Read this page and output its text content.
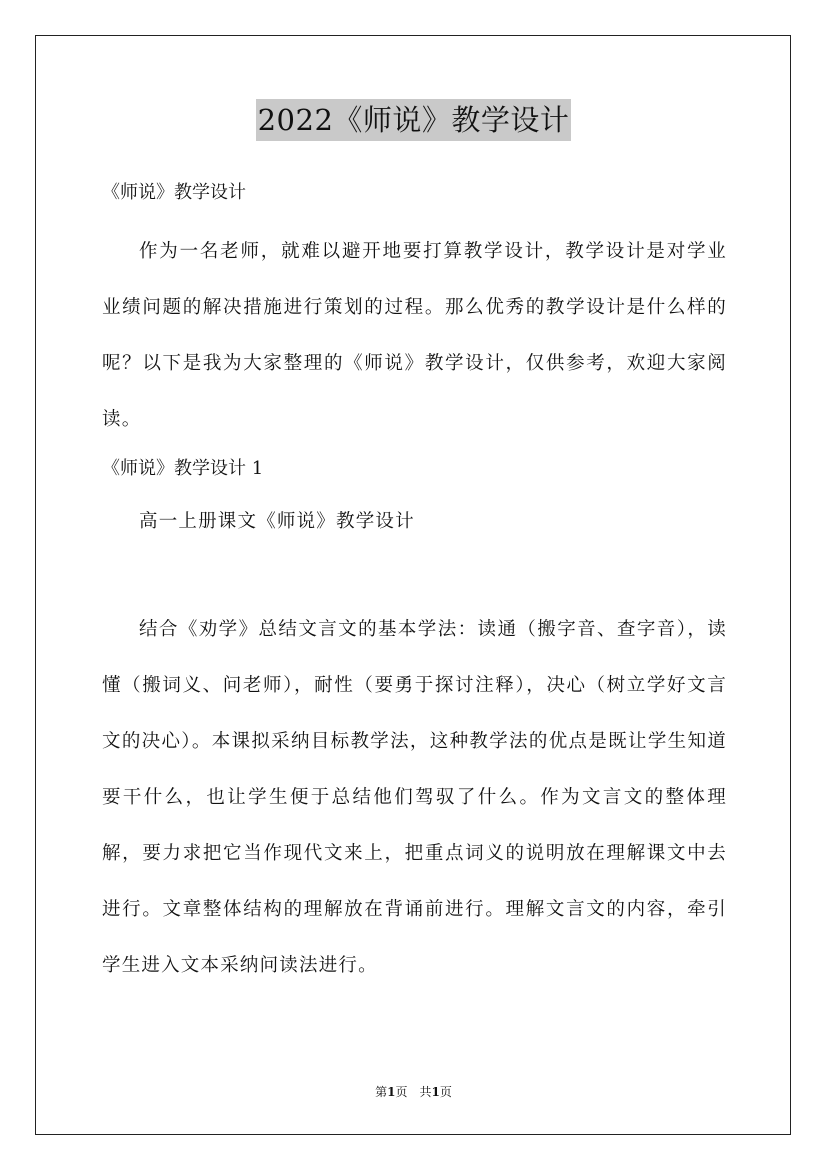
2022《师说》教学设计

《师说》教学设计

作为一名老师，就难以避开地要打算教学设计，教学设计是对学业业绩问题的解决措施进行策划的过程。那么优秀的教学设计是什么样的呢？以下是我为大家整理的《师说》教学设计，仅供参考，欢迎大家阅读。

《师说》教学设计 1

高一上册课文《师说》教学设计

结合《劝学》总结文言文的基本学法：读通（搬字音、查字音），读懂（搬词义、问老师），耐性（要勇于探讨注释），决心（树立学好文言文的决心）。本课拟采纳目标教学法，这种教学法的优点是既让学生知道要干什么，也让学生便于总结他们驾驭了什么。作为文言文的整体理解，要力求把它当作现代文来上，把重点词义的说明放在理解课文中去进行。文章整体结构的理解放在背诵前进行。理解文言文的内容，牵引学生进入文本采纳问读法进行。

第1页　共1页
